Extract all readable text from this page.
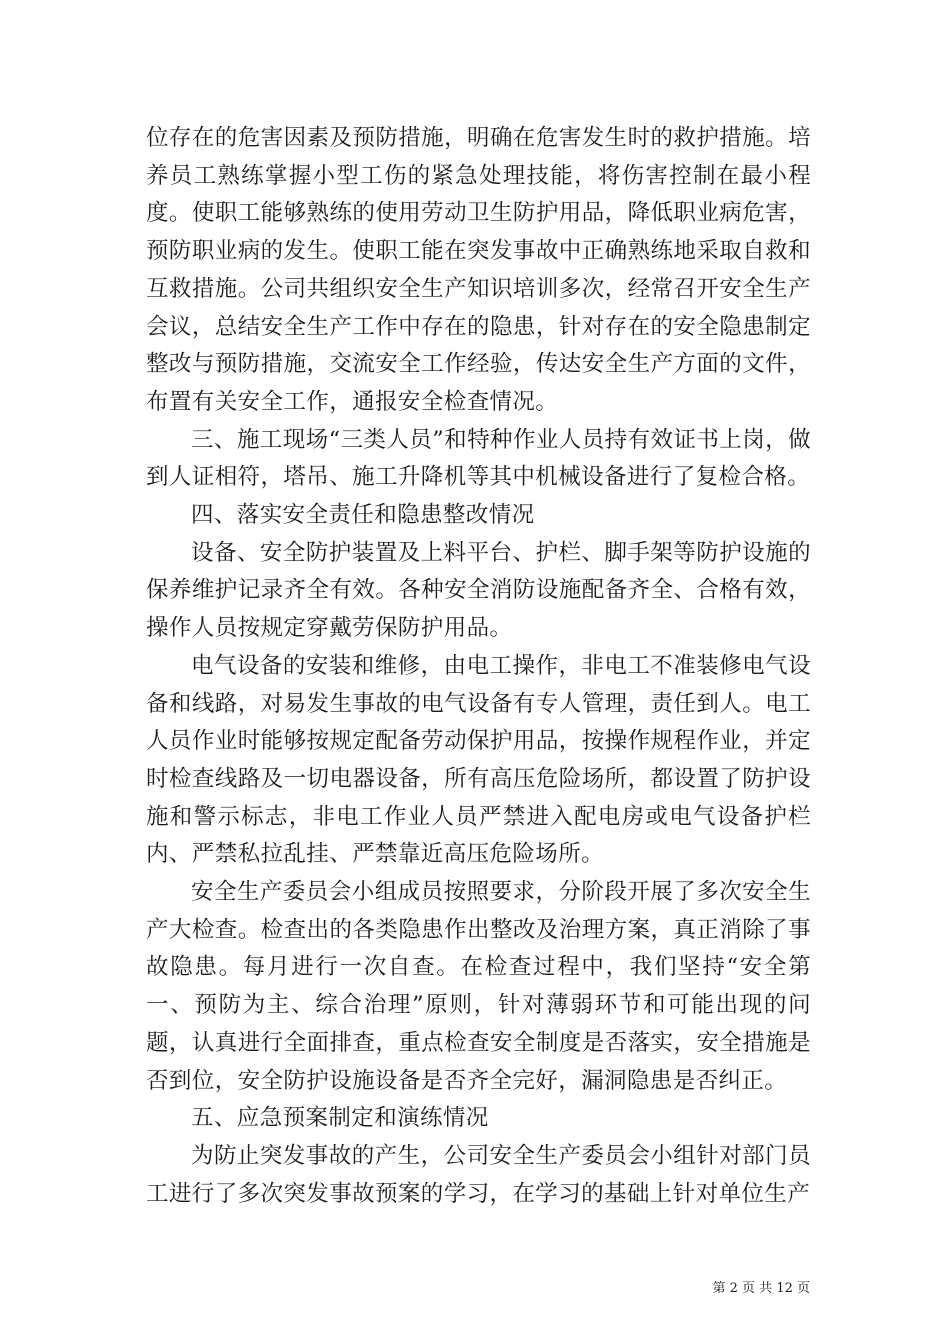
位存在的危害因素及预防措施，明确在危害发生时的救护措施。培养员工熟练掌握小型工伤的紧急处理技能，将伤害控制在最小程度。使职工能够熟练的使用劳动卫生防护用品，降低职业病危害，预防职业病的发生。使职工能在突发事故中正确熟练地采取自救和互救措施。公司共组织安全生产知识培训多次，经常召开安全生产会议，总结安全生产工作中存在的隐患，针对存在的安全隐患制定整改与预防措施，交流安全工作经验，传达安全生产方面的文件，布置有关安全工作，通报安全检查情况。

三、施工现场“三类人员”和特种作业人员持有效证书上岗，做到人证相符，塔吊、施工升降机等其中机械设备进行了复检合格。

四、落实安全责任和隐患整改情况

设备、安全防护装置及上料平台、护栏、脚手架等防护设施的保养维护记录齐全有效。各种安全消防设施配备齐全、合格有效，操作人员按规定穿戴劳保防护用品。

电气设备的安装和维修，由电工操作，非电工不准装修电气设备和线路，对易发生事故的电气设备有专人管理，责任到人。电工人员作业时能够按规定配备劳动保护用品，按操作规程作业，并定时检查线路及一切电器设备，所有高压危险场所，都设置了防护设施和警示标志，非电工作业人员严禁进入配电房或电气设备护栏内、严禁私拉乱挂、严禁靠近高压危险场所。

安全生产委员会小组成员按照要求，分阶段开展了多次安全生产大检查。检查出的各类隐患作出整改及治理方案，真正消除了事故隐患。每月进行一次自查。在检查过程中，我们坚持“安全第一、预防为主、综合治理”原则，针对薄弱环节和可能出现的问题，认真进行全面排查，重点检查安全制度是否落实，安全措施是否到位，安全防护设施设备是否齐全完好，漏洞隐患是否纠正。

五、应急预案制定和演练情况

为防止突发事故的产生，公司安全生产委员会小组针对部门员工进行了多次突发事故预案的学习，在学习的基础上针对单位生产

第 2 页 共 12 页
